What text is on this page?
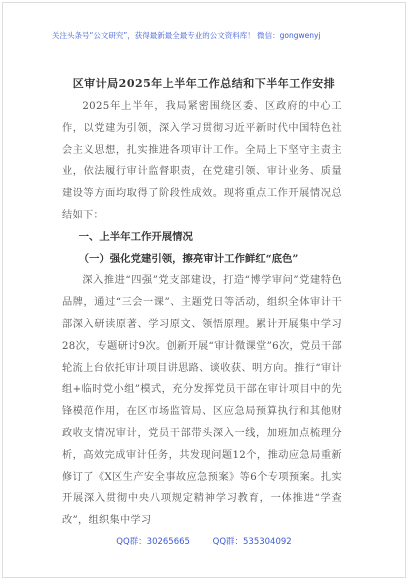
关注头条号“公文研究”，获得最新最全最专业的公文资料库！ 微信：gongwenyj
区审计局2025年上半年工作总结和下半年工作安排

2025年上半年，我局紧密围绕区委、区政府的中心工作，以党建为引领，深入学习贯彻习近平新时代中国特色社会主义思想，扎实推进各项审计工作。全局上下坚守主责主业，依法履行审计监督职责，在党建引领、审计业务、质量建设等方面均取得了阶段性成效。现将重点工作开展情况总结如下：

一、上半年工作开展情况

（一）强化党建引领，擦亮审计工作鲜红“底色”

深入推进“四强”党支部建设，打造“博学审问”党建特色品牌，通过“三会一课”、主题党日等活动，组织全体审计干部深入研读原著、学习原文、领悟原理。累计开展集中学习28次，专题研讨9次。创新开展“审计微课堂”6次，党员干部轮流上台依托审计项目讲思路、谈收获、明方向。推行“审计组+临时党小组”模式，充分发挥党员干部在审计项目中的先锋模范作用，在区市场监管局、区应急局预算执行和其他财政收支情况审计，党员干部带头深入一线，加班加点梳理分析，高效完成审计任务，共发现问题12个，推动应急局重新修订了《X区生产安全事故应急预案》等6个专项预案。扎实开展深入贯彻中央八项规定精神学习教育，一体推进“学查改”，组织集中学习

QQ群：30265665	QQ群：535304092
